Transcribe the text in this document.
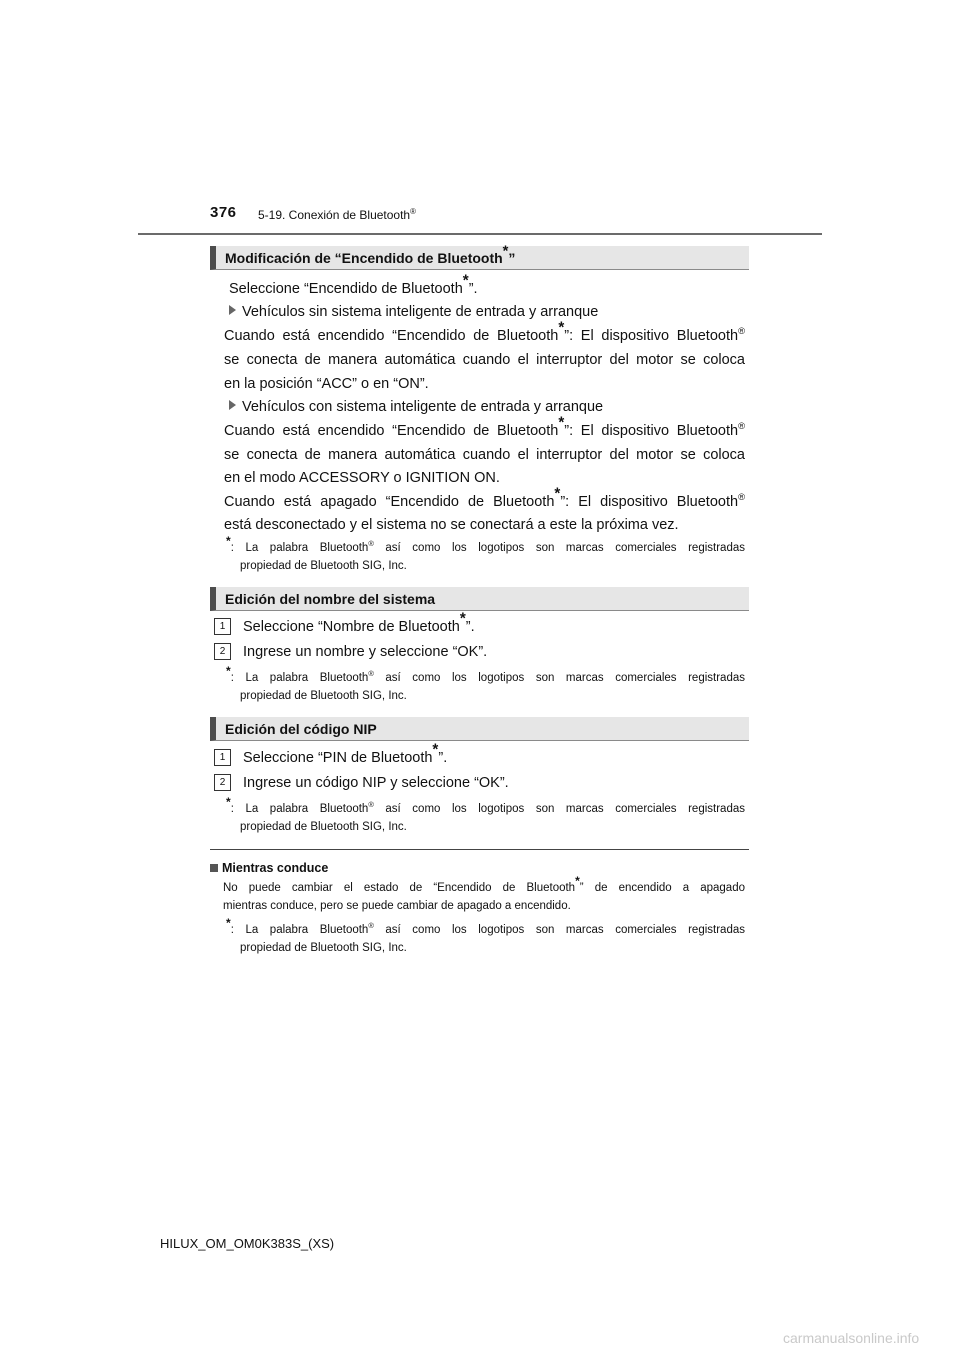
376 5-19. Conexión de Bluetooth®
Modificación de “Encendido de Bluetooth*”
Seleccione “Encendido de Bluetooth*”.
Vehículos sin sistema inteligente de entrada y arranque
Cuando está encendido “Encendido de Bluetooth*”: El dispositivo Bluetooth®
se conecta de manera automática cuando el interruptor del motor se coloca
en la posición “ACC” o en “ON”.
Vehículos con sistema inteligente de entrada y arranque
Cuando está encendido “Encendido de Bluetooth*”: El dispositivo Bluetooth®
se conecta de manera automática cuando el interruptor del motor se coloca
en el modo ACCESSORY o IGNITION ON.
Cuando está apagado “Encendido de Bluetooth*”: El dispositivo Bluetooth®
está desconectado y el sistema no se conectará a este la próxima vez.
*: La palabra Bluetooth® así como los logotipos son marcas comerciales registradas
propiedad de Bluetooth SIG, Inc.
Edición del nombre del sistema
1	Seleccione “Nombre de Bluetooth*”.
2	Ingrese un nombre y seleccione “OK”.
*: La palabra Bluetooth® así como los logotipos son marcas comerciales registradas
propiedad de Bluetooth SIG, Inc.
Edición del código NIP
1	Seleccione “PIN de Bluetooth*”.
2	Ingrese un código NIP y seleccione “OK”.
*: La palabra Bluetooth® así como los logotipos son marcas comerciales registradas
propiedad de Bluetooth SIG, Inc.
Mientras conduce
No puede cambiar el estado de “Encendido de Bluetooth*” de encendido a apagado
mientras conduce, pero se puede cambiar de apagado a encendido.
*: La palabra Bluetooth® así como los logotipos son marcas comerciales registradas
propiedad de Bluetooth SIG, Inc.
HILUX_OM_OM0K383S_(XS)
carmanualsonline.info
